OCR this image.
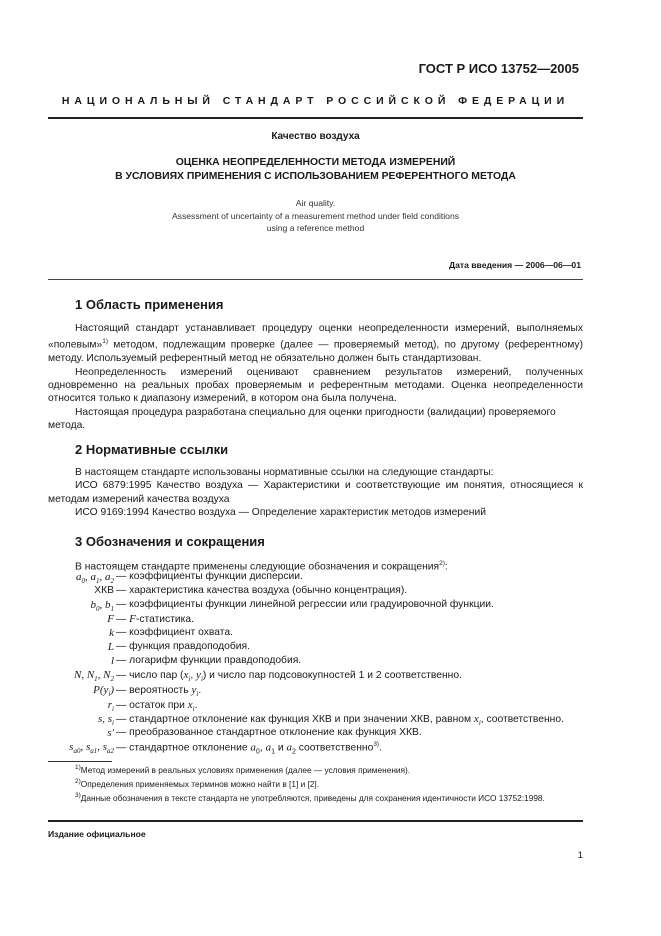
ГОСТ Р ИСО 13752—2005
НАЦИОНАЛЬНЫЙ СТАНДАРТ РОССИЙСКОЙ ФЕДЕРАЦИИ
Качество воздуха
ОЦЕНКА НЕОПРЕДЕЛЕННОСТИ МЕТОДА ИЗМЕРЕНИЙ
В УСЛОВИЯХ ПРИМЕНЕНИЯ С ИСПОЛЬЗОВАНИЕМ РЕФЕРЕНТНОГО МЕТОДА
Air quality.
Assessment of uncertainty of a measurement method under field conditions
using a reference method
Дата введения — 2006—06—01
1 Область применения

Настоящий стандарт устанавливает процедуру оценки неопределенности измерений, выполняемых «полевым»$^{1)}$ методом, подлежащим проверке (далее — проверяемый метод), по другому (референтному) методу. Используемый референтный метод не обязательно должен быть стандартизован.

Неопределенность измерений оценивают сравнением результатов измерений, полученных одновременно на реальных пробах проверяемым и референтным методами. Оценка неопределенности относится только к диапазону измерений, в котором она была получена.

Настоящая процедура разработана специально для оценки пригодности (валидации) проверяемого метода.

2 Нормативные ссылки

В настоящем стандарте использованы нормативные ссылки на следующие стандарты:

ИСО 6879:1995 Качество воздуха — Характеристики и соответствующие им понятия, относящиеся к методам измерений качества воздуха

ИСО 9169:1994 Качество воздуха — Определение характеристик методов измерений

3 Обозначения и сокращения
В настоящем стандарте применены следующие обозначения и сокращения$^{2)}$:
$a_0$, $a_1$, $a_2$ — коэффициенты функции дисперсии.
ХКВ — характеристика качества воздуха (обычно концентрация).
$b_0$, $b_1$ — коэффициенты функции линейной регрессии или градуировочной функции.
F — F-статистика.
k — коэффициент охвата.
L — функция правдоподобия.
l — логарифм функции правдоподобия.
N, $N_1$, $N_2$ — число пар ($x_i$, $y_i$) и число пар подсовокупностей 1 и 2 соответственно.
$P(y_i)$ — вероятность $y_i$.
$r_i$ — остаток при $x_i$.
s, $s_i$ — стандартное отклонение как функция ХКВ и при значении ХКВ, равном $x_i$, соответственно.
s′ — преобразованное стандартное отклонение как функция ХКВ.
$s_{a0}$, $s_{a1}$, $s_{a2}$ — стандартное отклонение $a_0$, $a_1$ и $a_2$ соответственно$^{3)}$.

$^{1)}$Метод измерений в реальных условиях применения (далее — условия применения).

$^{2)}$Определения применяемых терминов можно найти в [1] и [2].

$^{3)}$Данные обозначения в тексте стандарта не употребляются, приведены для сохранения идентичности ИСО 13752:1998.

Издание официальное
1
